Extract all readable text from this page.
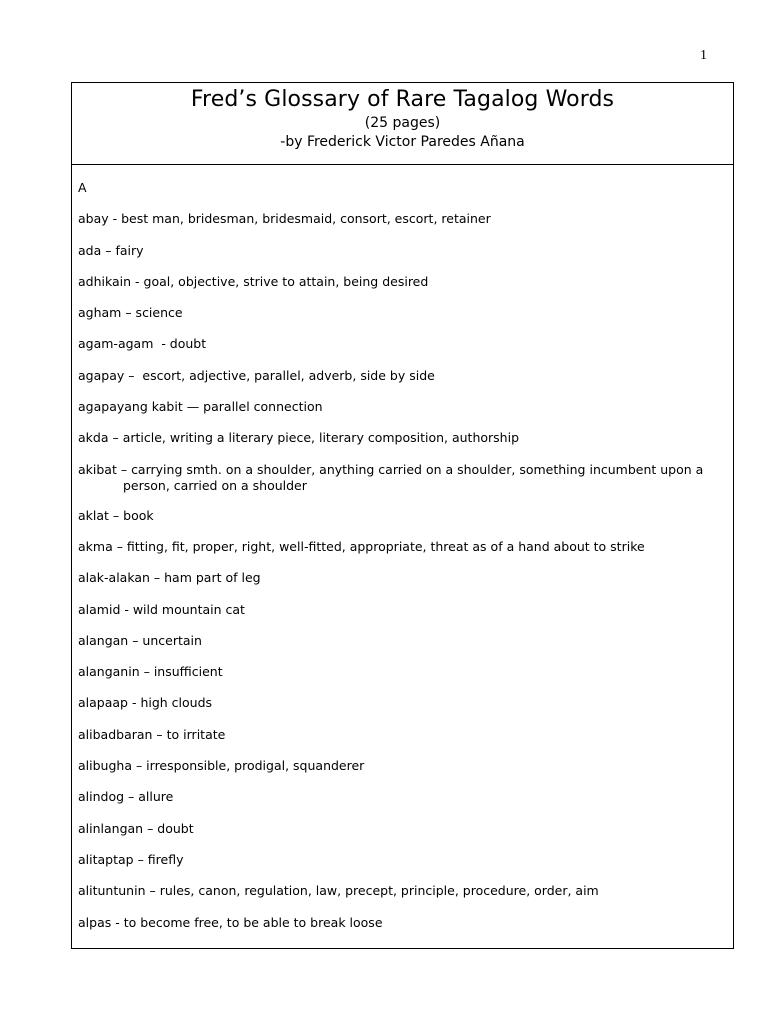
1
Fred’s Glossary of Rare Tagalog Words
(25 pages)
-by Frederick Victor Paredes Añana
A
abay - best man, bridesman, bridesmaid, consort, escort, retainer
ada – fairy
adhikain - goal, objective, strive to attain, being desired
agham – science
agam-agam  - doubt
agapay –  escort, adjective, parallel, adverb, side by side
agapayang kabit — parallel connection
akda – article, writing a literary piece, literary composition, authorship
akibat – carrying smth. on a shoulder, anything carried on a shoulder, something incumbent upon a person, carried on a shoulder
aklat – book
akma – fitting, fit, proper, right, well-fitted, appropriate, threat as of a hand about to strike
alak-alakan – ham part of leg
alamid - wild mountain cat
alangan – uncertain
alanganin – insufficient
alapaap - high clouds
alibadbaran – to irritate
alibugha – irresponsible, prodigal, squanderer
alindog – allure
alinlangan – doubt
alitaptap – firefly
alituntunin – rules, canon, regulation, law, precept, principle, procedure, order, aim
alpas - to become free, to be able to break loose
